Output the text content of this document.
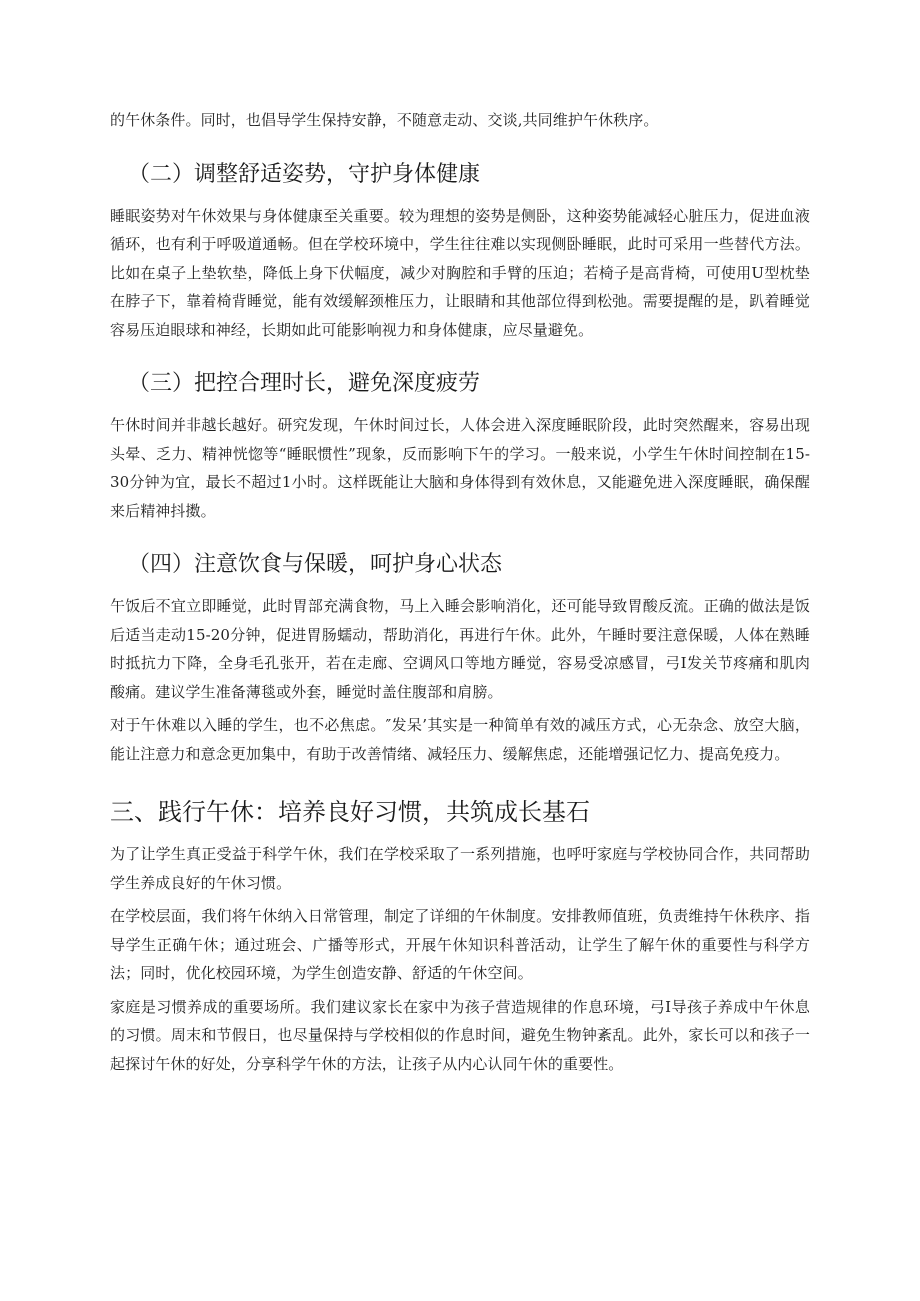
的午休条件。同时，也倡导学生保持安静，不随意走动、交谈,共同维护午休秩序。

（二）调整舒适姿势，守护身体健康

睡眠姿势对午休效果与身体健康至关重要。较为理想的姿势是侧卧，这种姿势能减轻心脏压力，促进血液循环，也有利于呼吸道通畅。但在学校环境中，学生往往难以实现侧卧睡眠，此时可采用一些替代方法。比如在桌子上垫软垫，降低上身下伏幅度，减少对胸腔和手臂的压迫；若椅子是高背椅，可使用U型枕垫在脖子下，靠着椅背睡觉，能有效缓解颈椎压力，让眼睛和其他部位得到松弛。需要提醒的是，趴着睡觉容易压迫眼球和神经，长期如此可能影响视力和身体健康，应尽量避免。

（三）把控合理时长，避免深度疲劳

午休时间并非越长越好。研究发现，午休时间过长，人体会进入深度睡眠阶段，此时突然醒来，容易出现头晕、乏力、精神恍惚等“睡眠惯性”现象，反而影响下午的学习。一般来说，小学生午休时间控制在15-30分钟为宜，最长不超过1小时。这样既能让大脑和身体得到有效休息，又能避免进入深度睡眠，确保醒来后精神抖擞。

（四）注意饮食与保暖，呵护身心状态

午饭后不宜立即睡觉，此时胃部充满食物，马上入睡会影响消化，还可能导致胃酸反流。正确的做法是饭后适当走动15-20分钟，促进胃肠蠕动，帮助消化，再进行午休。此外，午睡时要注意保暖，人体在熟睡时抵抗力下降，全身毛孔张开，若在走廊、空调风口等地方睡觉，容易受凉感冒，弓I发关节疼痛和肌肉酸痛。建议学生准备薄毯或外套，睡觉时盖住腹部和肩膀。

对于午休难以入睡的学生，也不必焦虑。″发呆’其实是一种简单有效的减压方式，心无杂念、放空大脑，能让注意力和意念更加集中，有助于改善情绪、减轻压力、缓解焦虑，还能增强记忆力、提高免疫力。

三、践行午休：培养良好习惯，共筑成长基石

为了让学生真正受益于科学午休，我们在学校采取了一系列措施，也呼吁家庭与学校协同合作，共同帮助学生养成良好的午休习惯。

在学校层面，我们将午休纳入日常管理，制定了详细的午休制度。安排教师值班，负责维持午休秩序、指导学生正确午休；通过班会、广播等形式，开展午休知识科普活动，让学生了解午休的重要性与科学方法；同时，优化校园环境，为学生创造安静、舒适的午休空间。

家庭是习惯养成的重要场所。我们建议家长在家中为孩子营造规律的作息环境，弓I导孩子养成中午休息的习惯。周末和节假日，也尽量保持与学校相似的作息时间，避免生物钟紊乱。此外，家长可以和孩子一起探讨午休的好处，分享科学午休的方法，让孩子从内心认同午休的重要性。
